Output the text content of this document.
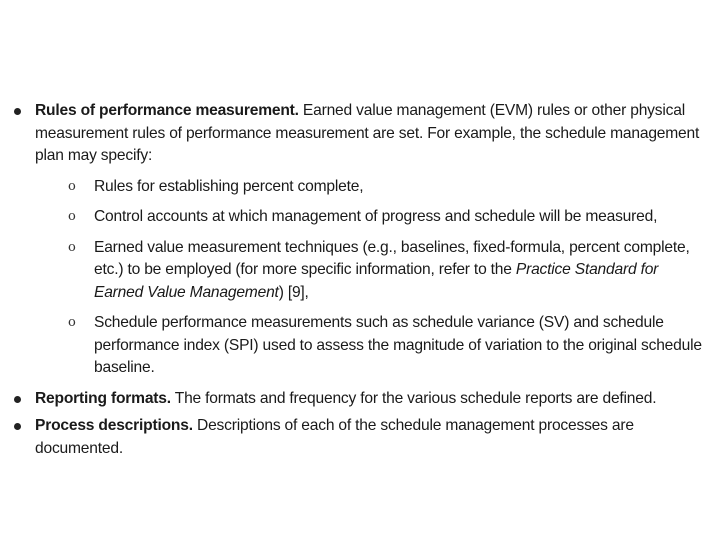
Rules of performance measurement. Earned value management (EVM) rules or other physical measurement rules of performance measurement are set. For example, the schedule management plan may specify:
o Rules for establishing percent complete,
o Control accounts at which management of progress and schedule will be measured,
o Earned value measurement techniques (e.g., baselines, fixed-formula, percent complete, etc.) to be employed (for more specific information, refer to the Practice Standard for Earned Value Management) [9],
o Schedule performance measurements such as schedule variance (SV) and schedule performance index (SPI) used to assess the magnitude of variation to the original schedule baseline.
Reporting formats. The formats and frequency for the various schedule reports are defined.
Process descriptions. Descriptions of each of the schedule management processes are documented.
